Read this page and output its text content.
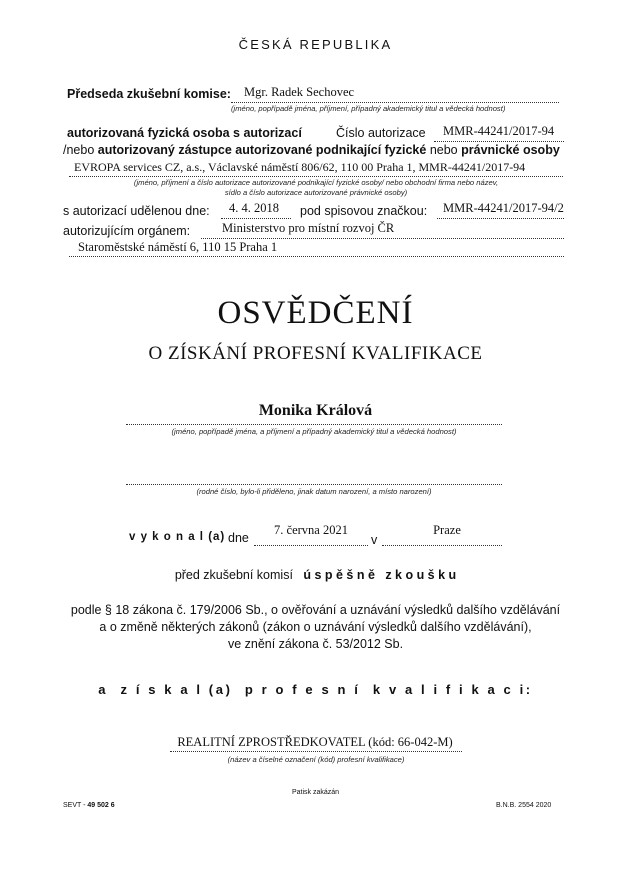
ČESKÁ REPUBLIKA
Předseda zkušební komise: Mgr. Radek Sechovec
(jméno, popřípadě jména, příjmení, případný akademický titul a vědecká hodnost)
autorizovaná fyzická osoba s autorizací	Číslo autorizace MMR-44241/2017-94
/nebo autorizovaný zástupce autorizované podnikající fyzické nebo právnické osoby
EVROPA services CZ, a.s., Václavské náměstí 806/62, 110 00 Praha 1, MMR-44241/2017-94
(jméno, příjmení a číslo autorizace autorizované podnikající fyzické osoby/ nebo obchodní firma nebo název,
sídlo a číslo autorizace autorizované právnické osoby)
s autorizací udělenou dne: 4. 4. 2018 pod spisovou značkou: MMR-44241/2017-94/2
autorizujícím orgánem:	Ministerstvo pro místní rozvoj ČR
Staroměstské náměstí 6, 110 15 Praha 1
OSVĚDČENÍ
O ZÍSKÁNÍ PROFESNÍ KVALIFIKACE
Monika Králová
(jméno, popřípadě jména, a příjmení a případný akademický titul a vědecká hodnost)
(rodné číslo, bylo-li přiděleno, jinak datum narození, a místo narození)
v y k o n a l (a) dne
7. června 2021
v
Praze
před zkušební komisí ú s p ě š n ě   z k o u š k u
podle § 18 zákona č. 179/2006 Sb., o ověřování a uznávání výsledků dalšího vzdělávání
a o změně některých zákonů (zákon o uznávání výsledků dalšího vzdělávání),
ve znění zákona č. 53/2012 Sb.
a  z í s k a l (a)  p r o f e s n í  k v a l i f i k a c i:
REALITNÍ ZPROSTŘEDKOVATEL (kód: 66-042-M)
(název a číselné označení (kód) profesní kvalifikace)
Patisk zakázán
SEVT - 49 502 6	B.N.B. 2554 2020
